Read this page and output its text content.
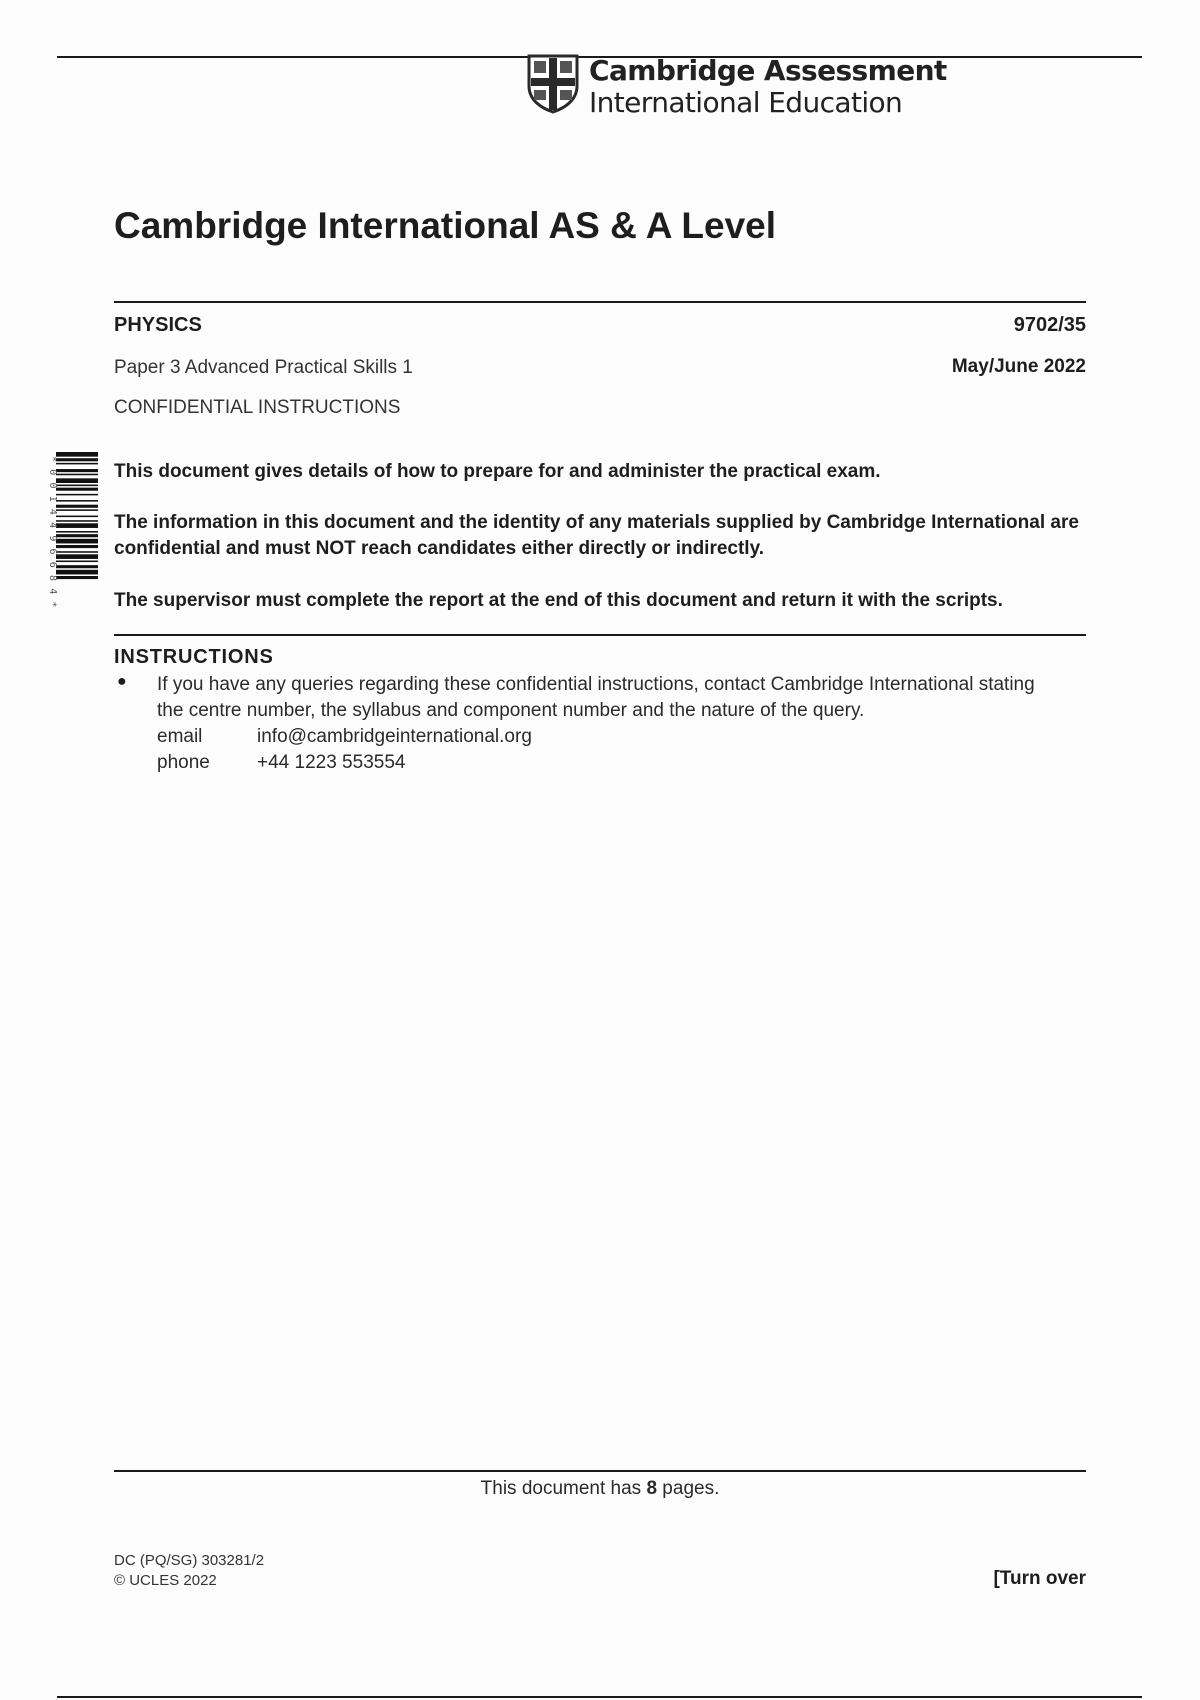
Cambridge Assessment
International Education
Cambridge International AS & A Level
PHYSICS	9702/35
Paper 3 Advanced Practical Skills 1	May/June 2022
CONFIDENTIAL INSTRUCTIONS
*0014496684*	This document gives details of how to prepare for and administer the practical exam.
The information in this document and the identity of any materials supplied by Cambridge International are confidential and must NOT reach candidates either directly or indirectly.
The supervisor must complete the report at the end of this document and return it with the scripts.
INSTRUCTIONS
● If you have any queries regarding these confidential instructions, contact Cambridge International stating the centre number, the syllabus and component number and the nature of the query.
email	info@cambridgeinternational.org
phone +44 1223 553554
This document has 8 pages.
DC (PQ/SG) 303281/2
© UCLES 2022	[Turn over
